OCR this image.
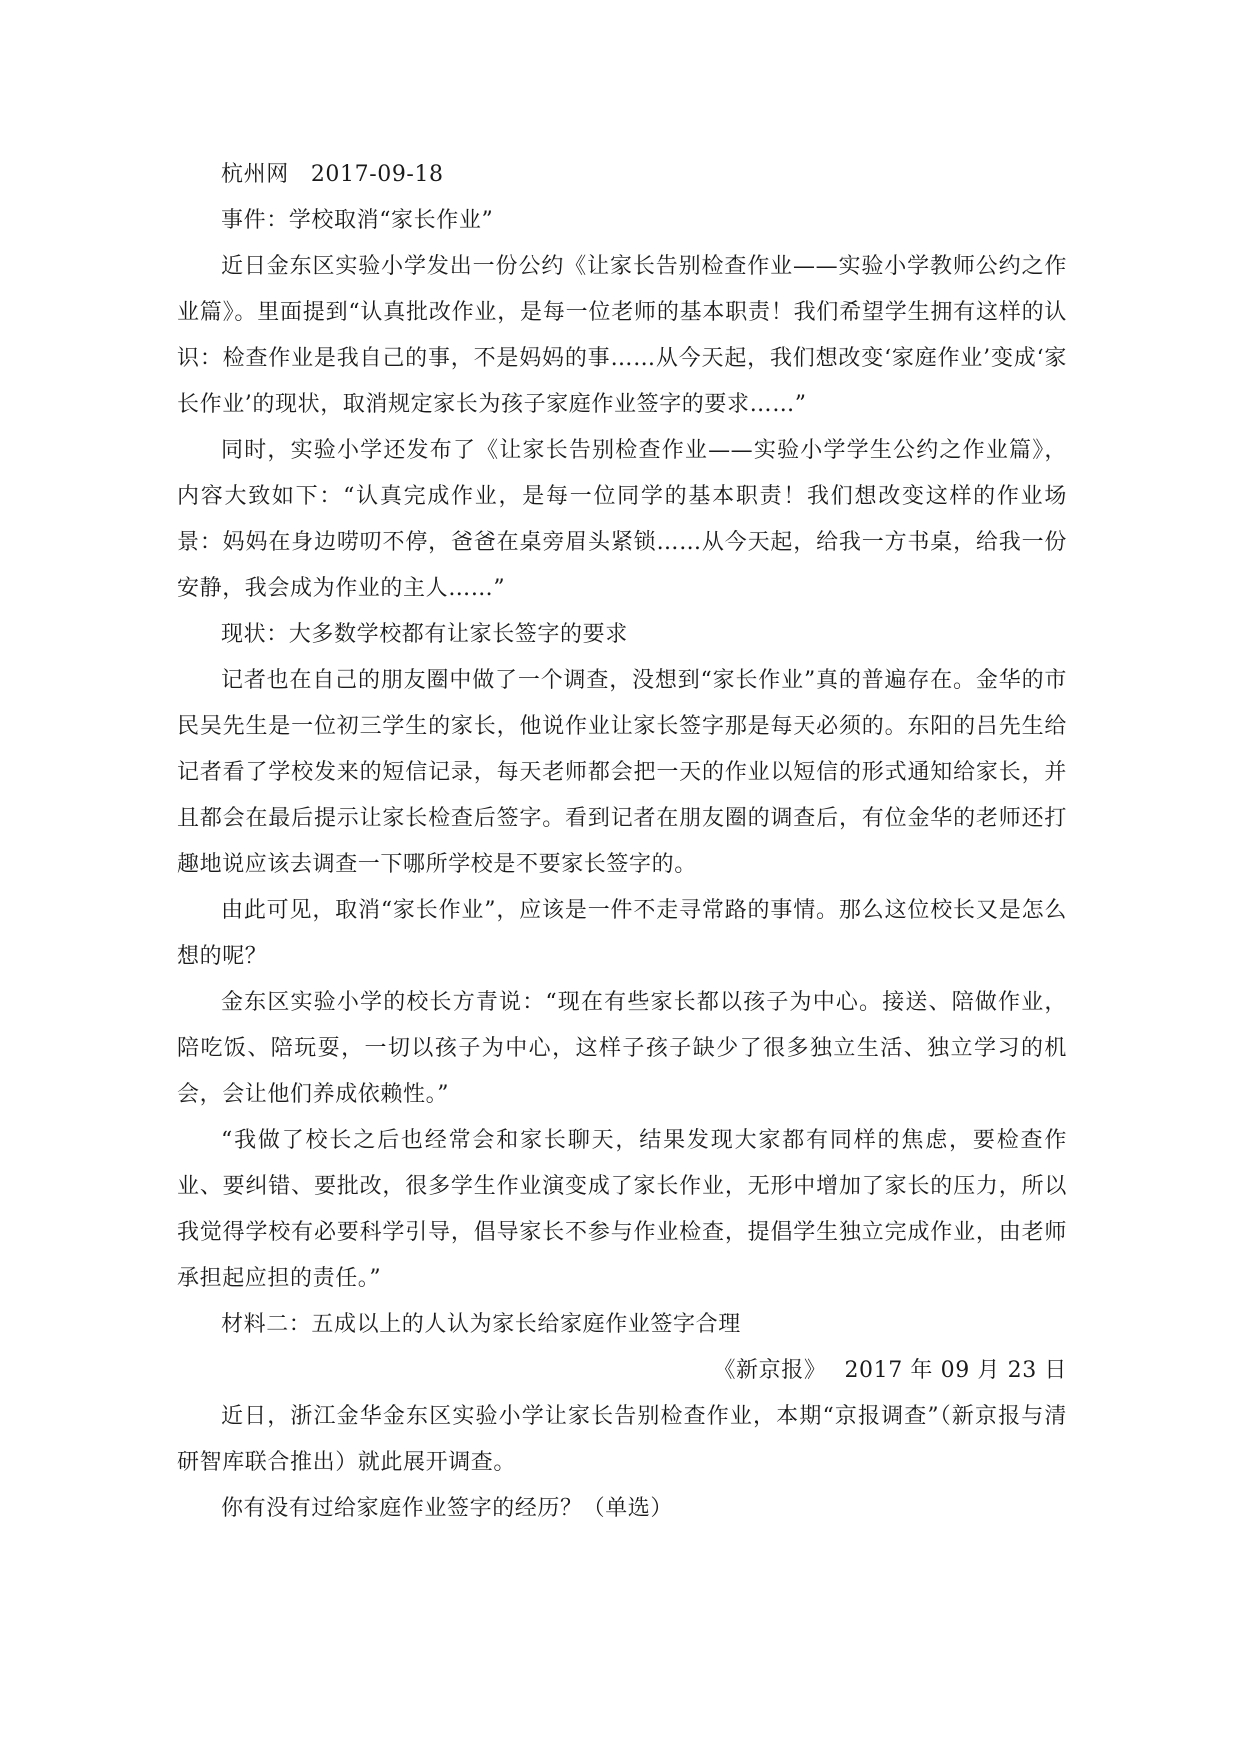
杭州网 2017-09-18

事件：学校取消“家长作业”

近日金东区实验小学发出一份公约《让家长告别检查作业——实验小学教师公约之作业篇》。里面提到“认真批改作业，是每一位老师的基本职责！我们希望学生拥有这样的认识：检查作业是我自己的事，不是妈妈的事……从今天起，我们想改变‘家庭作业’变成‘家长作业’的现状，取消规定家长为孩子家庭作业签字的要求……”

同时，实验小学还发布了《让家长告别检查作业——实验小学学生公约之作业篇》，内容大致如下：“认真完成作业，是每一位同学的基本职责！我们想改变这样的作业场景：妈妈在身边唠叨不停，爸爸在桌旁眉头紧锁……从今天起，给我一方书桌，给我一份安静，我会成为作业的主人……”

现状：大多数学校都有让家长签字的要求

记者也在自己的朋友圈中做了一个调查，没想到“家长作业”真的普遍存在。金华的市民吴先生是一位初三学生的家长，他说作业让家长签字那是每天必须的。东阳的吕先生给记者看了学校发来的短信记录，每天老师都会把一天的作业以短信的形式通知给家长，并且都会在最后提示让家长检查后签字。看到记者在朋友圈的调查后，有位金华的老师还打趣地说应该去调查一下哪所学校是不要家长签字的。

由此可见，取消“家长作业”，应该是一件不走寻常路的事情。那么这位校长又是怎么想的呢？

金东区实验小学的校长方青说：“现在有些家长都以孩子为中心。接送、陪做作业，陪吃饭、陪玩耍，一切以孩子为中心，这样子孩子缺少了很多独立生活、独立学习的机会，会让他们养成依赖性。”

“我做了校长之后也经常会和家长聊天，结果发现大家都有同样的焦虑，要检查作业、要纠错、要批改，很多学生作业演变成了家长作业，无形中增加了家长的压力，所以我觉得学校有必要科学引导，倡导家长不参与作业检查，提倡学生独立完成作业，由老师承担起应担的责任。”

材料二：五成以上的人认为家长给家庭作业签字合理

《新京报》 2017 年 09 月 23 日

近日，浙江金华金东区实验小学让家长告别检查作业，本期“京报调查”（新京报与清研智库联合推出）就此展开调查。

你有没有过给家庭作业签字的经历？（单选）
